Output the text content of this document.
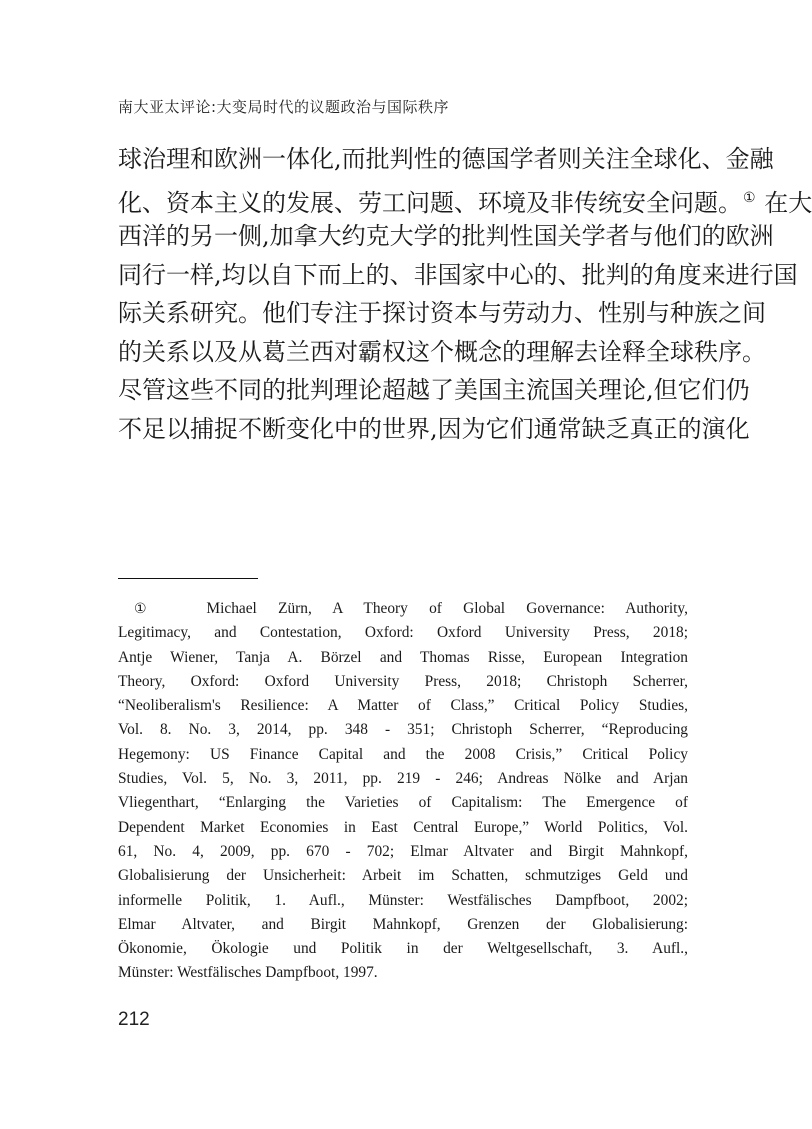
南大亚太评论:大变局时代的议题政治与国际秩序
球治理和欧洲一体化,而批判性的德国学者则关注全球化、金融
化、资本主义的发展、劳工问题、环境及非传统安全问题。① 在大
西洋的另一侧,加拿大约克大学的批判性国关学者与他们的欧洲
同行一样,均以自下而上的、非国家中心的、批判的角度来进行国
际关系研究。他们专注于探讨资本与劳动力、性别与种族之间
的关系以及从葛兰西对霸权这个概念的理解去诠释全球秩序。
尽管这些不同的批判理论超越了美国主流国关理论,但它们仍
不足以捕捉不断变化中的世界,因为它们通常缺乏真正的演化
①	Michael Zürn, A Theory of Global Governance: Authority,
Legitimacy, and Contestation, Oxford: Oxford University Press, 2018;
Antje Wiener, Tanja A. Börzel and Thomas Risse, European Integration
Theory, Oxford: Oxford University Press, 2018; Christoph Scherrer,
“Neoliberalism's Resilience: A Matter of Class,” Critical Policy Studies,
Vol. 8. No. 3, 2014, pp. 348 - 351; Christoph Scherrer, “Reproducing
Hegemony: US Finance Capital and the 2008 Crisis,” Critical Policy
Studies, Vol. 5, No. 3, 2011, pp. 219 - 246; Andreas Nölke and Arjan
Vliegenthart, “Enlarging the Varieties of Capitalism: The Emergence of
Dependent Market Economies in East Central Europe,” World Politics, Vol.
61, No. 4, 2009, pp. 670 - 702; Elmar Altvater and Birgit Mahnkopf,
Globalisierung der Unsicherheit: Arbeit im Schatten, schmutziges Geld und
informelle Politik, 1. Aufl., Münster: Westfälisches Dampfboot, 2002;
Elmar Altvater, and Birgit Mahnkopf, Grenzen der Globalisierung:
Ökonomie, Ökologie und Politik in der Weltgesellschaft, 3. Aufl.,
Münster: Westfälisches Dampfboot, 1997.
212
